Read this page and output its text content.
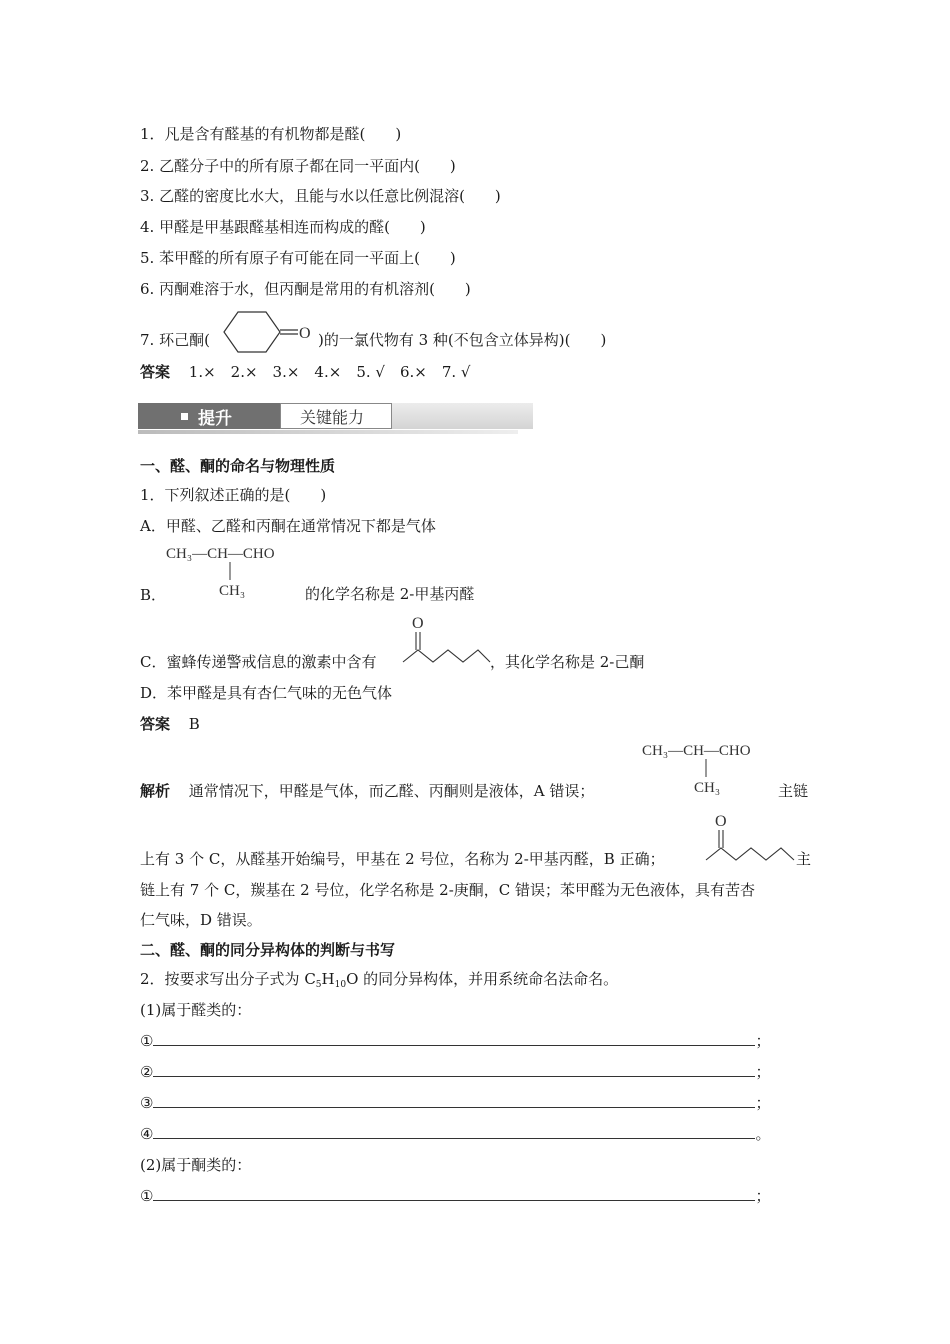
1．凡是含有醛基的有机物都是醛(　　)
2. 乙醛分子中的所有原子都在同一平面内(　　)
3. 乙醛的密度比水大，且能与水以任意比例混溶(　　)
4. 甲醛是甲基跟醛基相连而构成的醛(　　)
5. 苯甲醛的所有原子有可能在同一平面上(　　)
6. 丙酮难溶于水，但丙酮是常用的有机溶剂(　　)
7. 环己酮(	O )的一氯代物有 3 种(不包含立体异构)(　　)
答案 1.×　2.×　3.×　4.×　5. √　6.×　7. √
提升	关键能力
一、醛、酮的命名与物理性质
1．下列叙述正确的是(　　)
A．甲醛、乙醛和丙酮在通常情况下都是气体
CH₃—CH—CHO
CH₃
B．	的化学名称是 2-甲基丙醛
C．蜜蜂传递警戒信息的激素中含有
O
，其化学名称是 2-己酮
D．苯甲醛是具有杏仁气味的无色气体
答案 B
CH₃—CH—CHO
CH₃
解析 通常情况下，甲醛是气体，而乙醛、丙酮则是液体，A 错误；	主链
上有 3 个 C，从醛基开始编号，甲基在 2 号位，名称为 2-甲基丙醛，B 正确；
O
主
链上有 7 个 C，羰基在 2 号位，化学名称是 2-庚酮，C 错误；苯甲醛为无色液体，具有苦杏
仁气味，D 错误。
二、醛、酮的同分异构体的判断与书写
2．按要求写出分子式为 $C_5H_{10}O$ 的同分异构体，并用系统命名法命名。
(1)属于醛类的：
①	；
②	；
③	；
④	。
(2)属于酮类的：
①	；
